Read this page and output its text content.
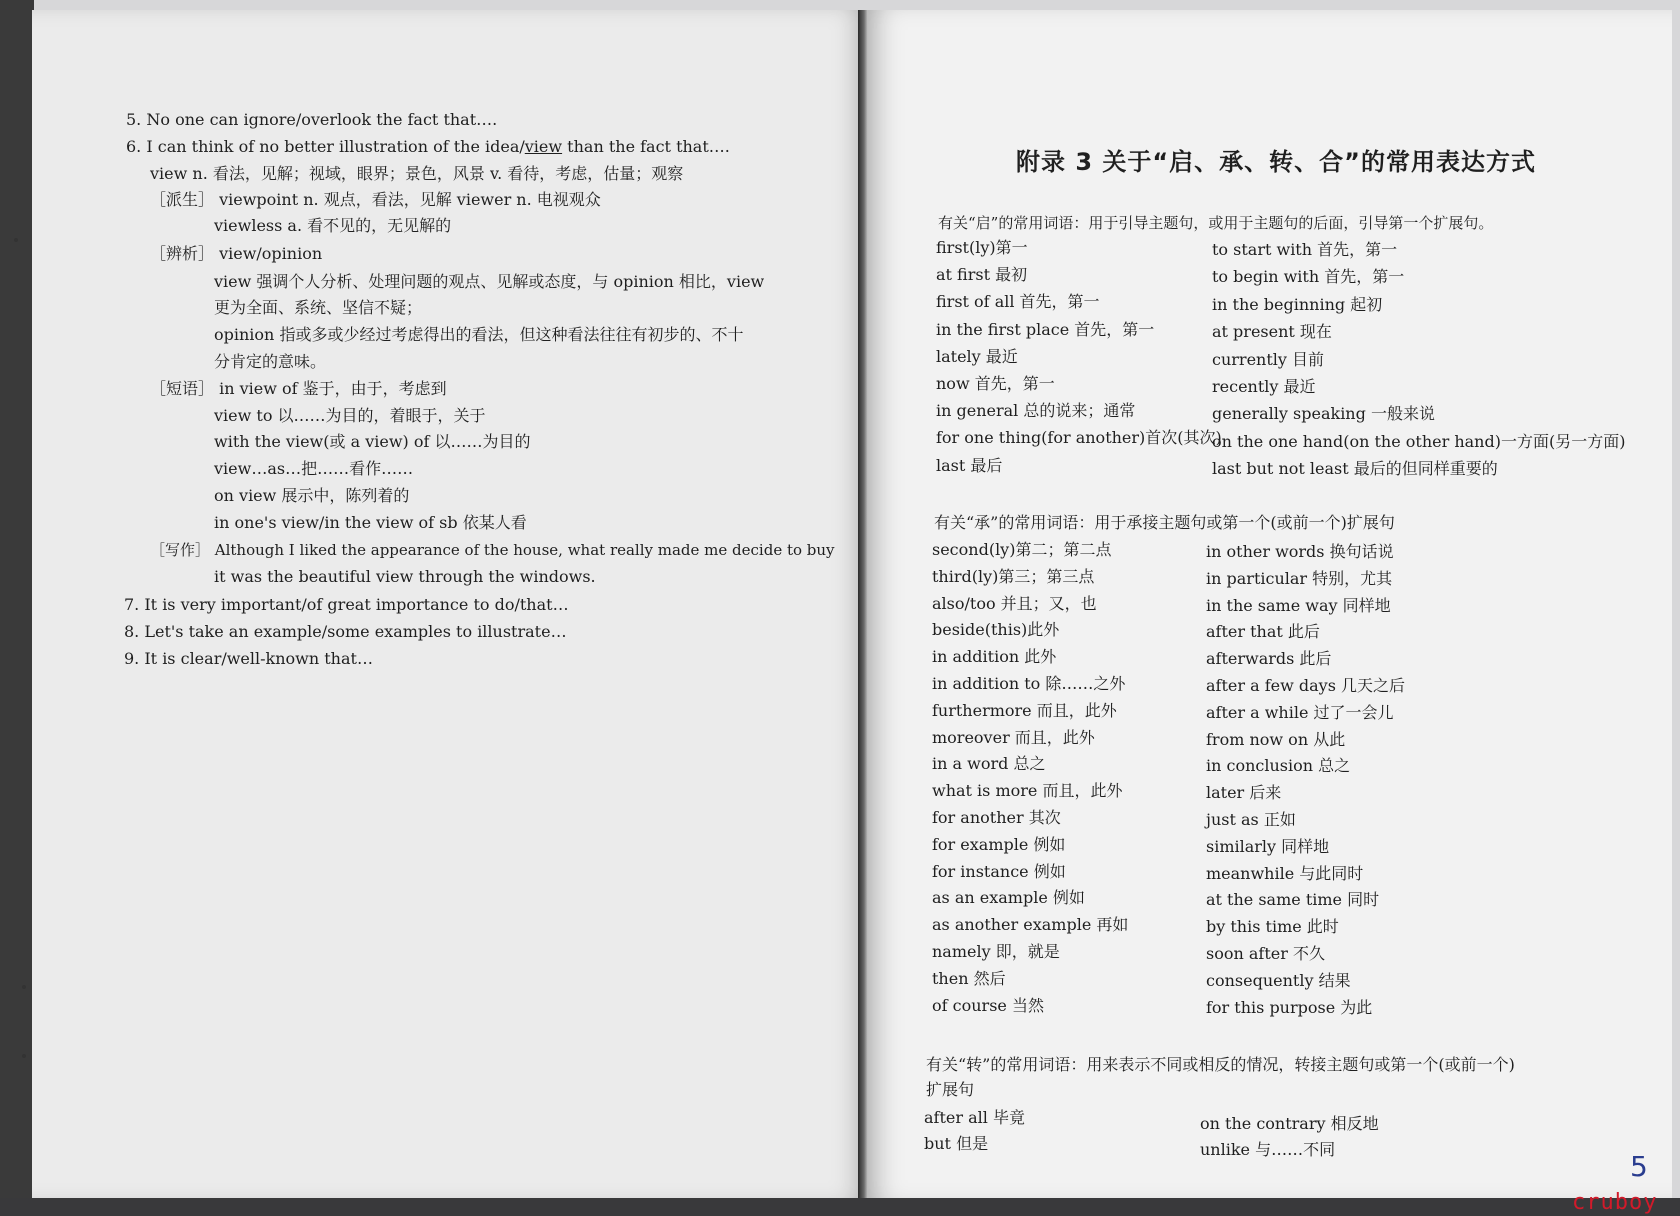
5. No one can ignore/overlook the fact that….
6. I can think of no better illustration of the idea/view than the fact that….
view n. 看法，见解；视域，眼界；景色，风景 v. 看待，考虑，估量；观察
［派生］ viewpoint n. 观点，看法，见解 viewer n. 电视观众
viewless a. 看不见的，无见解的
［辨析］ view/opinion
view 强调个人分析、处理问题的观点、见解或态度，与 opinion 相比，view
更为全面、系统、坚信不疑；
opinion 指或多或少经过考虑得出的看法，但这种看法往往有初步的、不十
分肯定的意味。
［短语］ in view of 鉴于，由于，考虑到
view to 以……为目的，着眼于，关于
with the view(或 a view) of 以……为目的
view…as…把……看作……
on view 展示中，陈列着的
in one's view/in the view of sb 依某人看
［写作］ Although I liked the appearance of the house, what really made me decide to buy
it was the beautiful view through the windows.
7. It is very important/of great importance to do/that…
8. Let's take an example/some examples to illustrate…
9. It is clear/well-known that…
附录 3 关于“启、承、转、合”的常用表达方式
有关“启”的常用词语：用于引导主题句，或用于主题句的后面，引导第一个扩展句。
first(ly)第一
at first 最初
first of all 首先，第一
in the first place 首先，第一
lately 最近
now 首先，第一
in general 总的说来；通常
for one thing(for another)首次(其次)
last 最后
to start with 首先，第一
to begin with 首先，第一
in the beginning 起初
at present 现在
currently 目前
recently 最近
generally speaking 一般来说
on the one hand(on the other hand)一方面(另一方面)
last but not least 最后的但同样重要的
有关“承”的常用词语：用于承接主题句或第一个(或前一个)扩展句
second(ly)第二；第二点
third(ly)第三；第三点
also/too 并且；又，也
beside(this)此外
in addition 此外
in addition to 除……之外
furthermore 而且，此外
moreover 而且，此外
in a word 总之
what is more 而且，此外
for another 其次
for example 例如
for instance 例如
as an example 例如
as another example 再如
namely 即，就是
then 然后
of course 当然
in other words 换句话说
in particular 特别，尤其
in the same way 同样地
after that 此后
afterwards 此后
after a few days 几天之后
after a while 过了一会儿
from now on 从此
in conclusion 总之
later 后来
just as 正如
similarly 同样地
meanwhile 与此同时
at the same time 同时
by this time 此时
soon after 不久
consequently 结果
for this purpose 为此
有关“转”的常用词语：用来表示不同或相反的情况，转接主题句或第一个(或前一个)
扩展句
after all 毕竟
but 但是
on the contrary 相反地
unlike 与……不同
5
cruboy
